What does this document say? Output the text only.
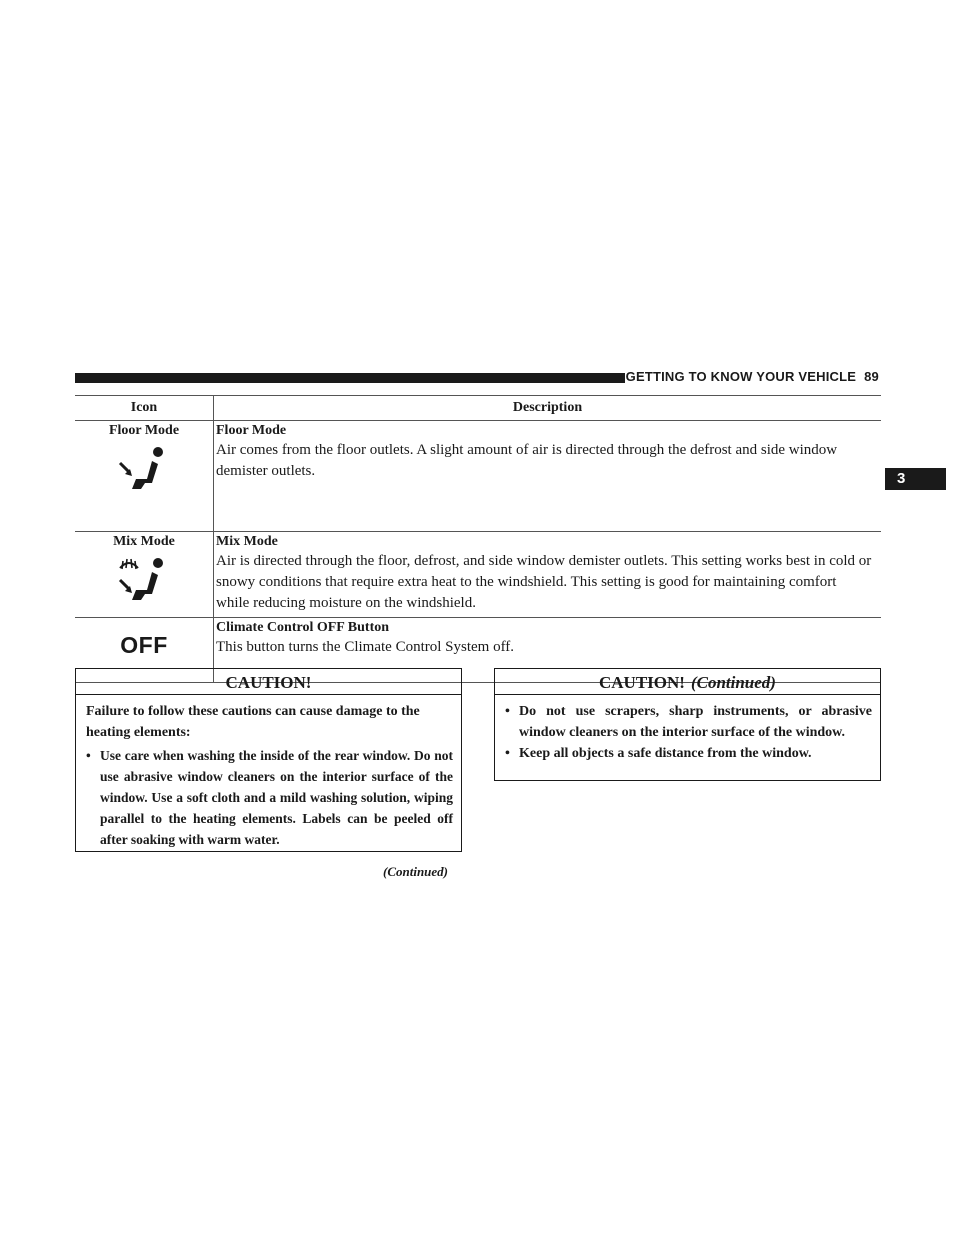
GETTING TO KNOW YOUR VEHICLE 89
3
Icon	Description

Floor Mode	Floor Mode
Air comes from the floor outlets. A slight amount of air is directed through the defrost and side window demister outlets.

Mix Mode	Mix Mode
Air is directed through the floor, defrost, and side window demister outlets. This setting works best in cold or snowy conditions that require extra heat to the windshield. This setting is good for maintaining comfort while reducing moisture on the windshield.

OFF	Climate Control OFF Button
This button turns the Climate Control System off.
CAUTION!
Failure to follow these cautions can cause damage to the heating elements:
• Use care when washing the inside of the rear window. Do not use abrasive window cleaners on the interior surface of the window. Use a soft cloth and a mild washing solution, wiping parallel to the heating elements. Labels can be peeled off after soaking with warm water.
(Continued)
CAUTION! (Continued)
• Do not use scrapers, sharp instruments, or abrasive window cleaners on the interior surface of the window.
• Keep all objects a safe distance from the window.
